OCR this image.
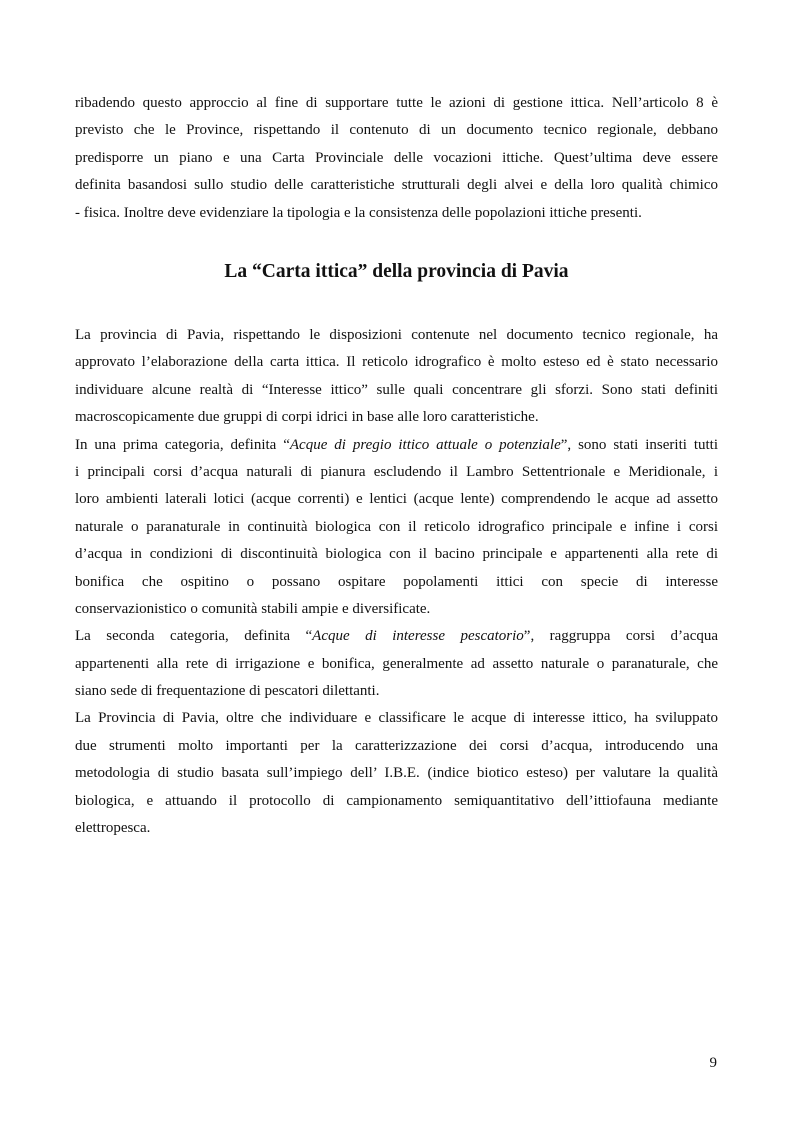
ribadendo questo approccio al fine di supportare tutte le azioni di gestione ittica. Nell’articolo 8 è
previsto che le Province, rispettando il contenuto di un documento tecnico regionale, debbano
predisporre un piano e una Carta Provinciale delle vocazioni ittiche. Quest’ultima deve essere
definita basandosi sullo studio delle caratteristiche strutturali degli alvei e della loro qualità chimico
- fisica. Inoltre deve evidenziare la tipologia e la consistenza delle popolazioni ittiche presenti.
La “Carta ittica” della provincia di Pavia
La provincia di Pavia, rispettando le disposizioni contenute nel documento tecnico regionale, ha
approvato l’elaborazione della carta ittica. Il reticolo idrografico è molto esteso ed è stato necessario
individuare alcune realtà di “Interesse ittico” sulle quali concentrare gli sforzi. Sono stati definiti
macroscopicamente due gruppi di corpi idrici in base alle loro caratteristiche.
In una prima categoria, definita “Acque di pregio ittico attuale o potenziale”, sono stati inseriti tutti
i principali corsi d’acqua naturali di pianura escludendo il Lambro Settentrionale e Meridionale, i
loro ambienti laterali lotici (acque correnti) e lentici (acque lente) comprendendo le acque ad assetto
naturale o paranaturale in continuità biologica con il reticolo idrografico principale e infine i corsi
d’acqua in condizioni di discontinuità biologica con il bacino principale e appartenenti alla rete di
bonifica che ospitino o possano ospitare popolamenti ittici con specie di interesse
conservazionistico o comunità stabili ampie e diversificate.
La seconda categoria, definita “Acque di interesse pescatorio”, raggruppa corsi d’acqua
appartenenti alla rete di irrigazione e bonifica, generalmente ad assetto naturale o paranaturale, che
siano sede di frequentazione di pescatori dilettanti.
La Provincia di Pavia, oltre che individuare e classificare le acque di interesse ittico, ha sviluppato
due strumenti molto importanti per la caratterizzazione dei corsi d’acqua, introducendo una
metodologia di studio basata sull’impiego dell’ I.B.E. (indice biotico esteso) per valutare la qualità
biologica, e attuando il protocollo di campionamento semiquantitativo dell’ittiofauna mediante
elettropesca.
9
